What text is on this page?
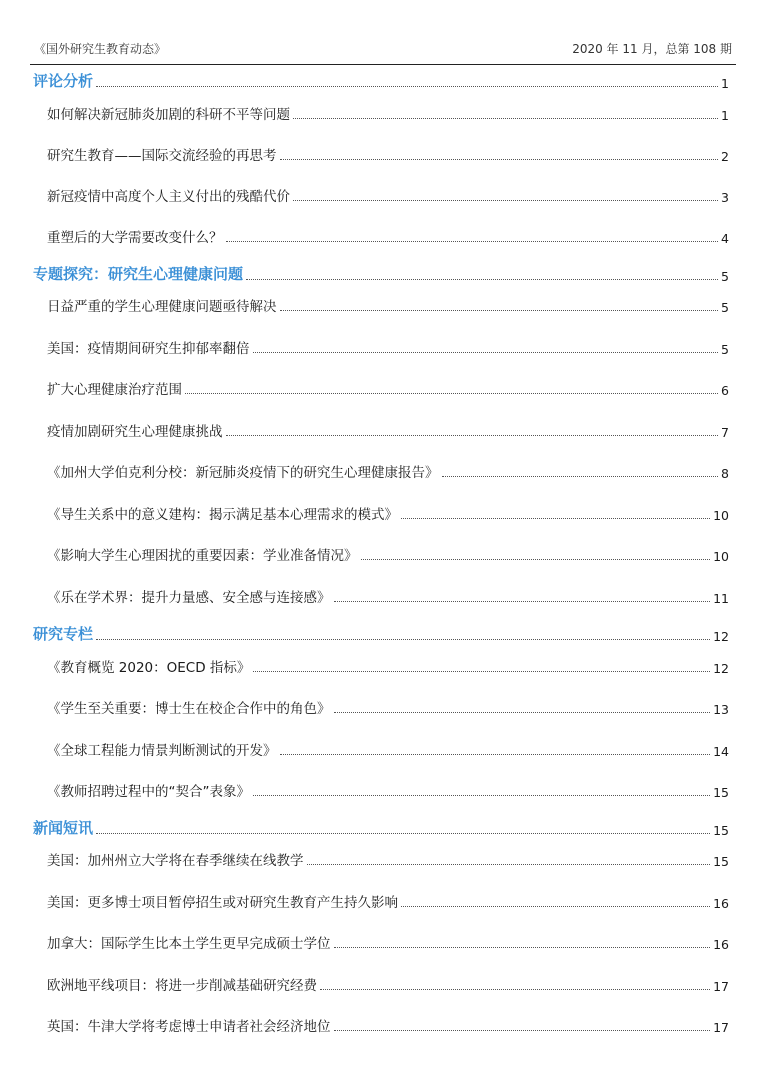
《国外研究生教育动态》	2020 年 11 月，总第 108 期
评论分析	1
如何解决新冠肺炎加剧的科研不平等问题	1
研究生教育——国际交流经验的再思考	2
新冠疫情中高度个人主义付出的残酷代价	3
重塑后的大学需要改变什么？	4
专题探究：研究生心理健康问题	5
日益严重的学生心理健康问题亟待解决	5
美国：疫情期间研究生抑郁率翻倍	5
扩大心理健康治疗范围	6
疫情加剧研究生心理健康挑战	7
《加州大学伯克利分校：新冠肺炎疫情下的研究生心理健康报告》	8
《导生关系中的意义建构：揭示满足基本心理需求的模式》	10
《影响大学生心理困扰的重要因素：学业准备情况》	10
《乐在学术界：提升力量感、安全感与连接感》	11
研究专栏	12
《教育概览 2020：OECD 指标》	12
《学生至关重要：博士生在校企合作中的角色》	13
《全球工程能力情景判断测试的开发》	14
《教师招聘过程中的“契合”表象》	15
新闻短讯	15
美国：加州州立大学将在春季继续在线教学	15
美国：更多博士项目暂停招生或对研究生教育产生持久影响	16
加拿大：国际学生比本土学生更早完成硕士学位	16
欧洲地平线项目：将进一步削减基础研究经费	17
英国：牛津大学将考虑博士申请者社会经济地位	17
